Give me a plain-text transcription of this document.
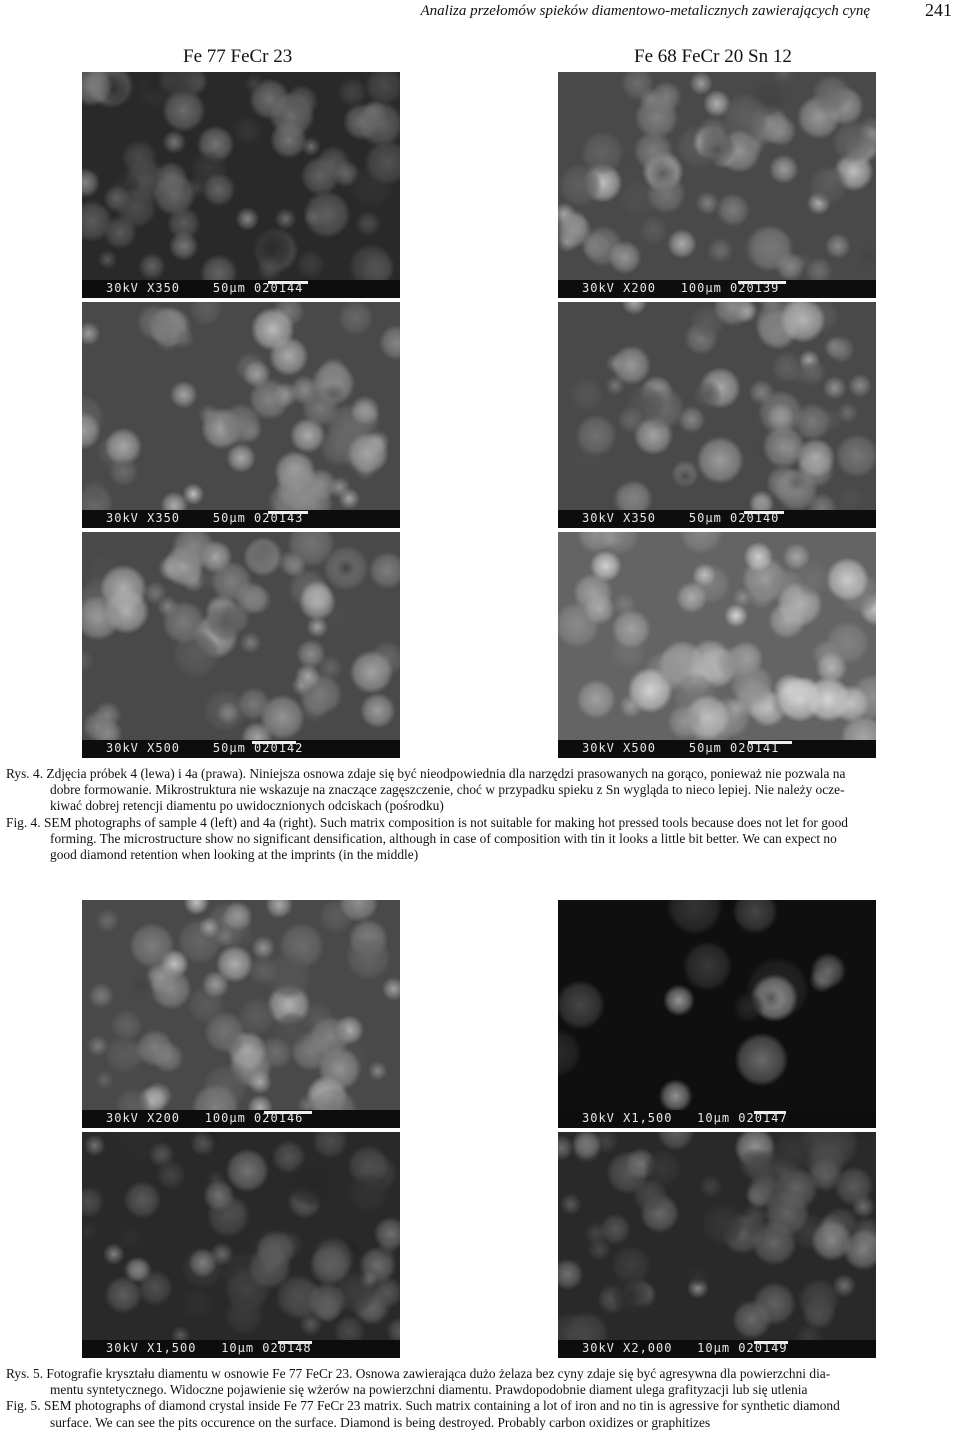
Analiza przełomów spieków diamentowo-metalicznych zawierających cynę	241
Fe 77 FeCr 23	Fe 68 FeCr 20 Sn 12
30kV X350    50µm 020144	30kV X200   100µm 020139
30kV X350    50µm 020143	30kV X350    50µm 020140
30kV X500    50µm 020142	30kV X500    50µm 020141

Rys. 4. Zdjęcia próbek 4 (lewa) i 4a (prawa). Niniejsza osnowa zdaje się być nieodpowiednia dla narzędzi prasowanych na gorąco, ponieważ nie pozwala na

dobre formowanie. Mikrostruktura nie wskazuje na znaczące zagęszczenie, choć w przypadku spieku z Sn wygląda to nieco lepiej. Nie należy ocze-

kiwać dobrej retencji diamentu po uwidocznionych odciskach (pośrodku)

Fig. 4. SEM photographs of sample 4 (left) and 4a (right). Such matrix composition is not suitable for making hot pressed tools because does not let for good

forming. The microstructure show no significant densification, although in case of composition with tin it looks a little bit better. We can expect no

good diamond retention when looking at the imprints (in the middle)

30kV X200   100µm 020146	30kV X1,500   10µm 020147
30kV X1,500   10µm 020148	30kV X2,000   10µm 020149

Rys. 5. Fotografie kryształu diamentu w osnowie Fe 77 FeCr 23. Osnowa zawierająca dużo żelaza bez cyny zdaje się być agresywna dla powierzchni dia-

mentu syntetycznego. Widoczne pojawienie się wżerów na powierzchni diamentu. Prawdopodobnie diament ulega grafityzacji lub się utlenia

Fig. 5. SEM photographs of diamond crystal inside Fe 77 FeCr 23 matrix. Such matrix containing a lot of iron and no tin is agressive for synthetic diamond

surface. We can see the pits occurence on the surface. Diamond is being destroyed. Probably carbon oxidizes or graphitizes
